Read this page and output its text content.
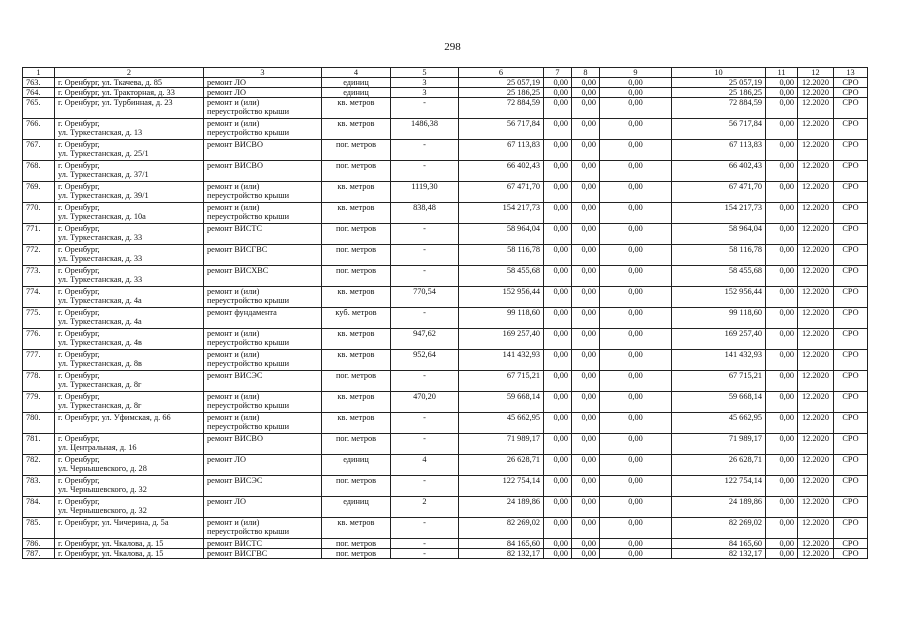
298
1	2	3	4	5	6	7	8	9	10	11	12	13
763.	г. Оренбург, ул. Ткачева, д. 85	ремонт ЛО	единиц	3	25 057,19	0,00	0,00	0,00	25 057,19	0,00	12.2020	СРО
764.	г. Оренбург, ул. Тракторная, д. 33	ремонт ЛО	единиц	3	25 186,25	0,00	0,00	0,00	25 186,25	0,00	12.2020	СРО
765.	г. Оренбург, ул. Турбинная, д. 23	ремонт и (или)
переустройство крыши	кв. метров	-	72 884,59	0,00	0,00	0,00	72 884,59	0,00	12.2020	СРО
766.	г. Оренбург,
ул. Туркестанская, д. 13	ремонт и (или)
переустройство крыши	кв. метров	1486,38	56 717,84	0,00	0,00	0,00	56 717,84	0,00	12.2020	СРО
767.	г. Оренбург,
ул. Туркестанская, д. 25/1	ремонт ВИСВО	пог. метров	-	67 113,83	0,00	0,00	0,00	67 113,83	0,00	12.2020	СРО
768.	г. Оренбург,
ул. Туркестанская, д. 37/1	ремонт ВИСВО	пог. метров	-	66 402,43	0,00	0,00	0,00	66 402,43	0,00	12.2020	СРО
769.	г. Оренбург,
ул. Туркестанская, д. 39/1	ремонт и (или)
переустройство крыши	кв. метров	1119,30	67 471,70	0,00	0,00	0,00	67 471,70	0,00	12.2020	СРО
770.	г. Оренбург,
ул. Туркестанская, д. 10а	ремонт и (или)
переустройство крыши	кв. метров	838,48	154 217,73	0,00	0,00	0,00	154 217,73	0,00	12.2020	СРО
771.	г. Оренбург,
ул. Туркестанская, д. 33	ремонт ВИСТС	пог. метров	-	58 964,04	0,00	0,00	0,00	58 964,04	0,00	12.2020	СРО
772.	г. Оренбург,
ул. Туркестанская, д. 33	ремонт ВИСГВС	пог. метров	-	58 116,78	0,00	0,00	0,00	58 116,78	0,00	12.2020	СРО
773.	г. Оренбург,
ул. Туркестанская, д. 33	ремонт ВИСХВС	пог. метров	-	58 455,68	0,00	0,00	0,00	58 455,68	0,00	12.2020	СРО
774.	г. Оренбург,
ул. Туркестанская, д. 4а	ремонт и (или)
переустройство крыши	кв. метров	770,54	152 956,44	0,00	0,00	0,00	152 956,44	0,00	12.2020	СРО
775.	г. Оренбург,
ул. Туркестанская, д. 4а	ремонт фундамента	куб. метров	-	99 118,60	0,00	0,00	0,00	99 118,60	0,00	12.2020	СРО
776.	г. Оренбург,
ул. Туркестанская, д. 4в	ремонт и (или)
переустройство крыши	кв. метров	947,62	169 257,40	0,00	0,00	0,00	169 257,40	0,00	12.2020	СРО
777.	г. Оренбург,
ул. Туркестанская, д. 8в	ремонт и (или)
переустройство крыши	кв. метров	952,64	141 432,93	0,00	0,00	0,00	141 432,93	0,00	12.2020	СРО
778.	г. Оренбург,
ул. Туркестанская, д. 8г	ремонт ВИСЭС	пог. метров	-	67 715,21	0,00	0,00	0,00	67 715,21	0,00	12.2020	СРО
779.	г. Оренбург,
ул. Туркестанская, д. 8г	ремонт и (или)
переустройство крыши	кв. метров	470,20	59 668,14	0,00	0,00	0,00	59 668,14	0,00	12.2020	СРО
780.	г. Оренбург, ул. Уфимская, д. 66	ремонт и (или)
переустройство крыши	кв. метров	-	45 662,95	0,00	0,00	0,00	45 662,95	0,00	12.2020	СРО
781.	г. Оренбург,
ул. Центральная, д. 16	ремонт ВИСВО	пог. метров	-	71 989,17	0,00	0,00	0,00	71 989,17	0,00	12.2020	СРО
782.	г. Оренбург,
ул. Чернышевского, д. 28	ремонт ЛО	единиц	4	26 628,71	0,00	0,00	0,00	26 628,71	0,00	12.2020	СРО
783.	г. Оренбург,
ул. Чернышевского, д. 32	ремонт ВИСЭС	пог. метров	-	122 754,14	0,00	0,00	0,00	122 754,14	0,00	12.2020	СРО
784.	г. Оренбург,
ул. Чернышевского, д. 32	ремонт ЛО	единиц	2	24 189,86	0,00	0,00	0,00	24 189,86	0,00	12.2020	СРО
785.	г. Оренбург, ул. Чичерина, д. 5а	ремонт и (или)
переустройство крыши	кв. метров	-	82 269,02	0,00	0,00	0,00	82 269,02	0,00	12.2020	СРО
786.	г. Оренбург, ул. Чкалова, д. 15	ремонт ВИСТС	пог. метров	-	84 165,60	0,00	0,00	0,00	84 165,60	0,00	12.2020	СРО
787.	г. Оренбург, ул. Чкалова, д. 15	ремонт ВИСГВС	пог. метров	-	82 132,17	0,00	0,00	0,00	82 132,17	0,00	12.2020	СРО
